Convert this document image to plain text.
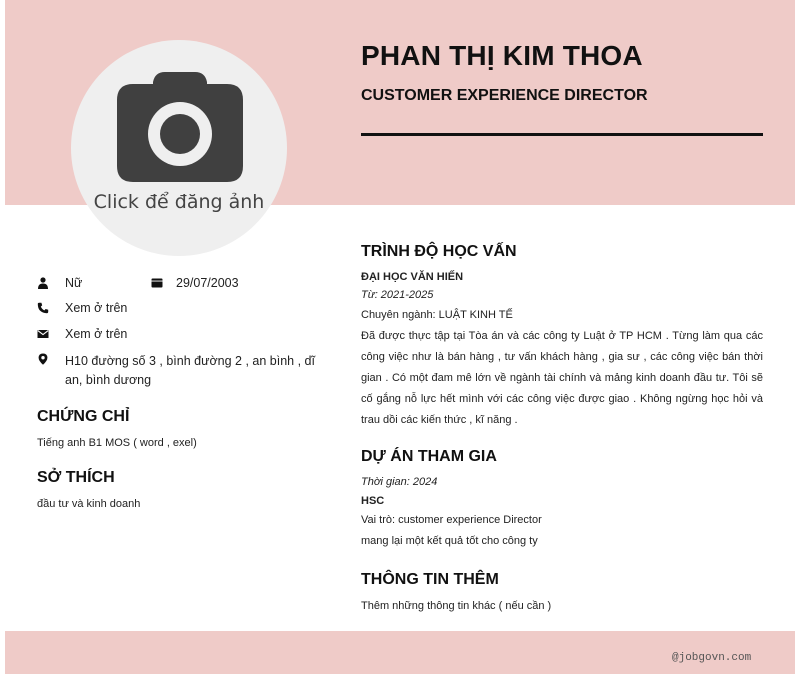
Click để đăng ảnh
PHAN THỊ KIM THOA
CUSTOMER EXPERIENCE DIRECTOR
Nữ	29/07/2003
Xem ở trên
Xem ở trên
H10 đường số 3 , bình đường 2 , an bình , dĩ an, bình dương
CHỨNG CHỈ
Tiếng anh B1 MOS ( word , exel)
SỞ THÍCH
đầu tư và kinh doanh
TRÌNH ĐỘ HỌC VẤN
ĐẠI HỌC VĂN HIẾN
Từ: 2021-2025
Chuyên ngành: LUẬT KINH TẾ
Đã được thực tập tại Tòa án và các công ty Luật ở TP HCM . Từng làm qua các công việc như là bán hàng , tư vấn khách hàng , gia sư , các công việc bán thời gian . Có một đam mê lớn về ngành tài chính và mảng kinh doanh đầu tư. Tôi sẽ cố gắng nỗ lực hết mình với các công việc được giao . Không ngừng học hỏi và trau dồi các kiến thức , kĩ năng .
DỰ ÁN THAM GIA
Thời gian: 2024
HSC
Vai trò: customer experience Director
mang lại một kết quả tốt cho công ty
THÔNG TIN THÊM
Thêm những thông tin khác ( nếu cần )
@jobgovn.com
